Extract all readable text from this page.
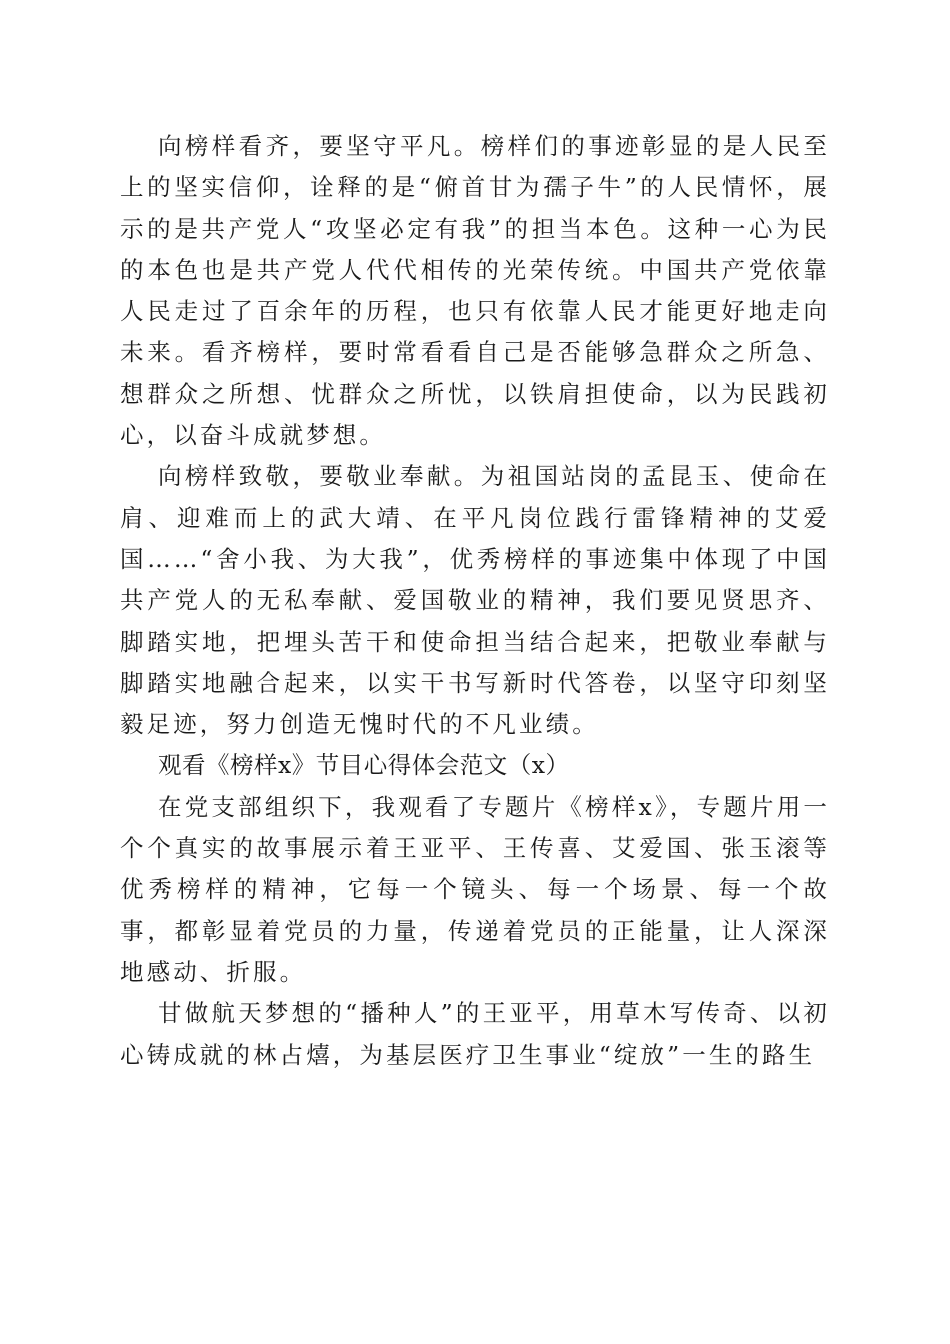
向榜样看齐，要坚守平凡。榜样们的事迹彰显的是人民至上的坚实信仰，诠释的是“俯首甘为孺子牛”的人民情怀，展示的是共产党人“攻坚必定有我”的担当本色。这种一心为民的本色也是共产党人代代相传的光荣传统。中国共产党依靠人民走过了百余年的历程，也只有依靠人民才能更好地走向未来。看齐榜样，要时常看看自己是否能够急群众之所急、想群众之所想、忧群众之所忧，以铁肩担使命，以为民践初心，以奋斗成就梦想。

向榜样致敬，要敬业奉献。为祖国站岗的孟昆玉、使命在肩、迎难而上的武大靖、在平凡岗位践行雷锋精神的艾爱国……“舍小我、为大我”，优秀榜样的事迹集中体现了中国共产党人的无私奉献、爱国敬业的精神，我们要见贤思齐、脚踏实地，把埋头苦干和使命担当结合起来，把敬业奉献与脚踏实地融合起来，以实干书写新时代答卷，以坚守印刻坚毅足迹，努力创造无愧时代的不凡业绩。

观看《榜样x》节目心得体会范文（x）

在党支部组织下，我观看了专题片《榜样x》，专题片用一个个真实的故事展示着王亚平、王传喜、艾爱国、张玉滚等优秀榜样的精神，它每一个镜头、每一个场景、每一个故事，都彰显着党员的力量，传递着党员的正能量，让人深深地感动、折服。

甘做航天梦想的“播种人”的王亚平，用草木写传奇、以初心铸成就的林占熺，为基层医疗卫生事业“绽放”一生的路生
